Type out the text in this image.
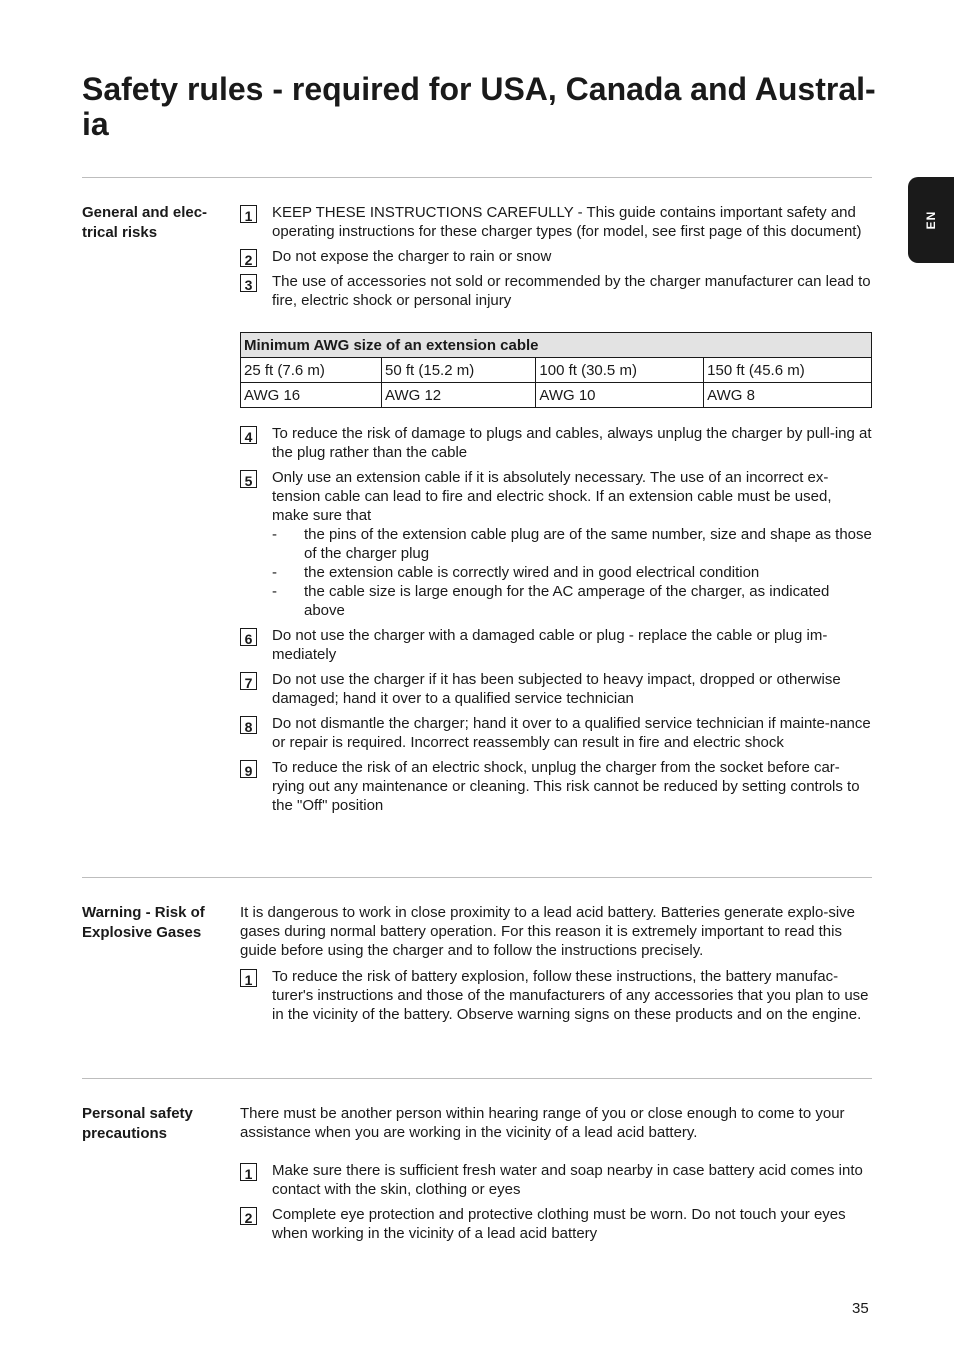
Safety rules - required for USA, Canada and Austral-ia
EN
General and elec-trical risks
1	KEEP THESE INSTRUCTIONS CAREFULLY - This guide contains important safety and operating instructions for these charger types (for model, see first page of this document)
2	Do not expose the charger to rain or snow
3	The use of accessories not sold or recommended by the charger manufacturer can lead to fire, electric shock or personal injury
Minimum AWG size of an extension cable			
25 ft (7.6 m)	50 ft (15.2 m)	100 ft (30.5 m)	150 ft (45.6 m)
AWG 16	AWG 12	AWG 10	AWG 8
4	To reduce the risk of damage to plugs and cables, always unplug the charger by pull-ing at the plug rather than the cable
5	Only use an extension cable if it is absolutely necessary. The use of an incorrect ex-tension cable can lead to fire and electric shock. If an extension cable must be used, make sure that
- the pins of the extension cable plug are of the same number, size and shape as those of the charger plug
- the extension cable is correctly wired and in good electrical condition
- the cable size is large enough for the AC amperage of the charger, as indicated above
6	Do not use the charger with a damaged cable or plug - replace the cable or plug im-mediately
7	Do not use the charger if it has been subjected to heavy impact, dropped or otherwise damaged; hand it over to a qualified service technician
8	Do not dismantle the charger; hand it over to a qualified service technician if mainte-nance or repair is required. Incorrect reassembly can result in fire and electric shock
9	To reduce the risk of an electric shock, unplug the charger from the socket before car-rying out any maintenance or cleaning. This risk cannot be reduced by setting controls to the "Off" position
Warning - Risk of Explosive Gases
It is dangerous to work in close proximity to a lead acid battery. Batteries generate explo-sive gases during normal battery operation. For this reason it is extremely important to read this guide before using the charger and to follow the instructions precisely.
1	To reduce the risk of battery explosion, follow these instructions, the battery manufac-turer's instructions and those of the manufacturers of any accessories that you plan to use in the vicinity of the battery. Observe warning signs on these products and on the engine.
Personal safety precautions
There must be another person within hearing range of you or close enough to come to your assistance when you are working in the vicinity of a lead acid battery.
1	Make sure there is sufficient fresh water and soap nearby in case battery acid comes into contact with the skin, clothing or eyes
2	Complete eye protection and protective clothing must be worn. Do not touch your eyes when working in the vicinity of a lead acid battery
35
